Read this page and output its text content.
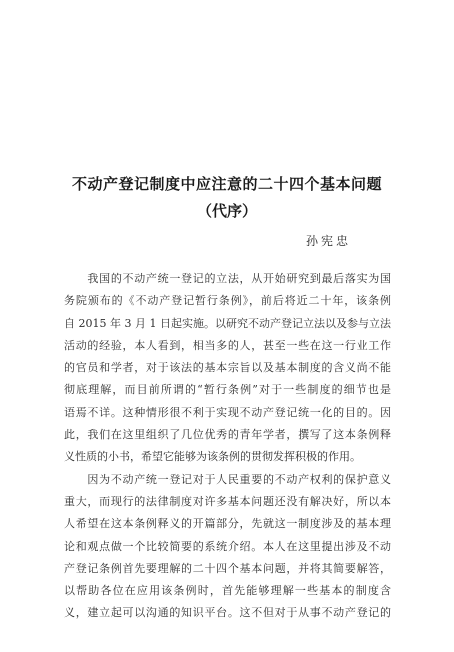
不动产登记制度中应注意的二十四个基本问题
（代序）
孙宪忠
　　我国的不动产统一登记的立法，从开始研究到最后落实为国
务院颁布的《不动产登记暂行条例》，前后将近二十年，该条例
自 2015 年 3 月 1 日起实施。以研究不动产登记立法以及参与立法
活动的经验，本人看到，相当多的人，甚至一些在这一行业工作
的官员和学者，对于该法的基本宗旨以及基本制度的含义尚不能
彻底理解，而目前所谓的“暂行条例”对于一些制度的细节也是
语焉不详。这种情形很不利于实现不动产登记统一化的目的。因
此，我们在这里组织了几位优秀的青年学者，撰写了这本条例释
义性质的小书，希望它能够为该条例的贯彻发挥积极的作用。
　　因为不动产统一登记对于人民重要的不动产权利的保护意义
重大，而现行的法律制度对许多基本问题还没有解决好，所以本
人希望在这本条例释义的开篇部分，先就这一制度涉及的基本理
论和观点做一个比较简要的系统介绍。本人在这里提出涉及不动
产登记条例首先要理解的二十四个基本问题，并将其简要解答，
以帮助各位在应用该条例时，首先能够理解一些基本的制度含
义，建立起可以沟通的知识平台。这不但对于从事不动产登记的
